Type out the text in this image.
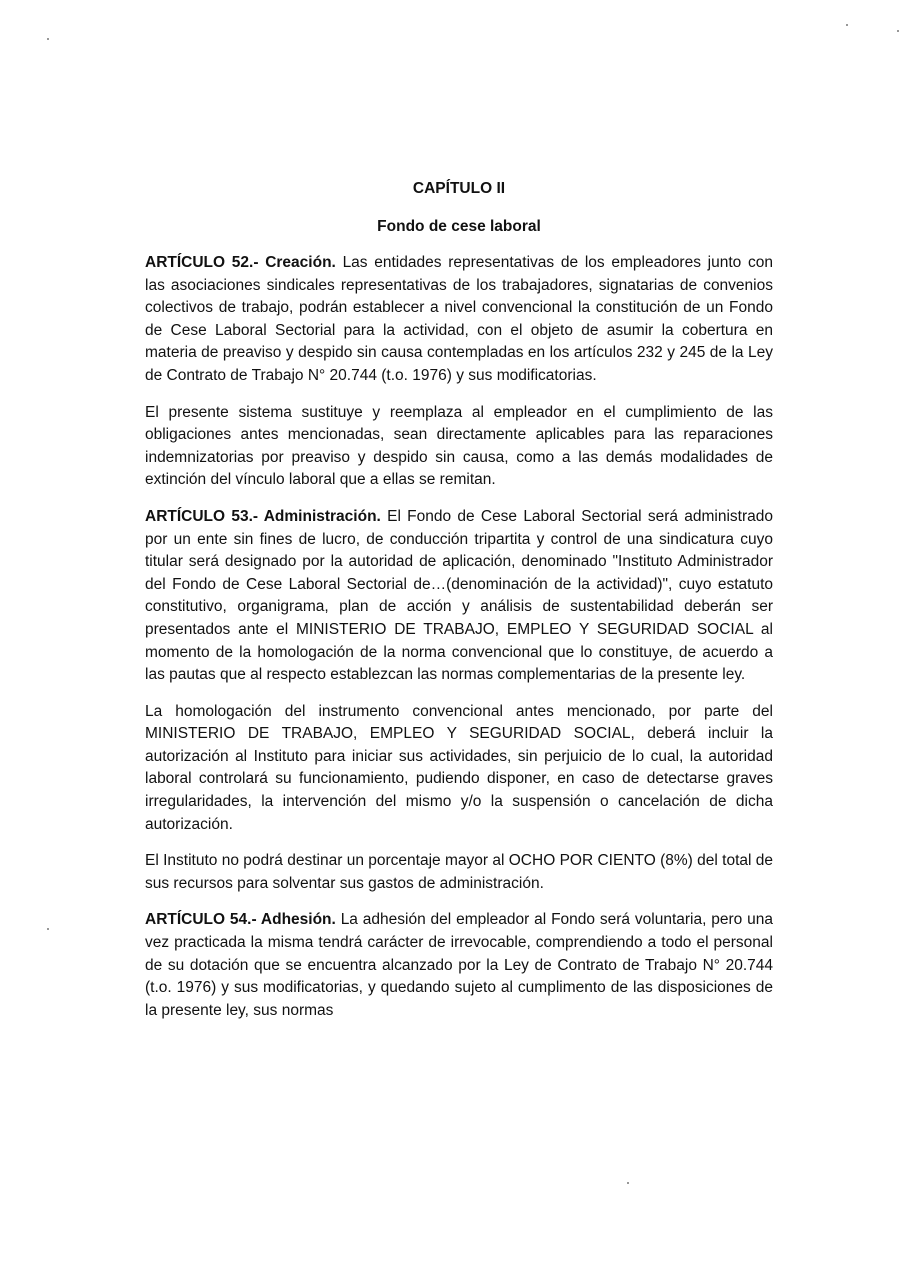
CAPÍTULO II

Fondo de cese laboral

ARTÍCULO 52.- Creación. Las entidades representativas de los empleadores junto con las asociaciones sindicales representativas de los trabajadores, signatarias de convenios colectivos de trabajo, podrán establecer a nivel convencional la constitución de un Fondo de Cese Laboral Sectorial para la actividad, con el objeto de asumir la cobertura en materia de preaviso y despido sin causa contempladas en los artículos 232 y 245 de la Ley de Contrato de Trabajo N° 20.744 (t.o. 1976) y sus modificatorias.

El presente sistema sustituye y reemplaza al empleador en el cumplimiento de las obligaciones antes mencionadas, sean directamente aplicables para las reparaciones indemnizatorias por preaviso y despido sin causa, como a las demás modalidades de extinción del vínculo laboral que a ellas se remitan.

ARTÍCULO 53.- Administración. El Fondo de Cese Laboral Sectorial será administrado por un ente sin fines de lucro, de conducción tripartita y control de una sindicatura cuyo titular será designado por la autoridad de aplicación, denominado "Instituto Administrador del Fondo de Cese Laboral Sectorial de…(denominación de la actividad)", cuyo estatuto constitutivo, organigrama, plan de acción y análisis de sustentabilidad deberán ser presentados ante el MINISTERIO DE TRABAJO, EMPLEO Y SEGURIDAD SOCIAL al momento de la homologación de la norma convencional que lo constituye, de acuerdo a las pautas que al respecto establezcan las normas complementarias de la presente ley.

La homologación del instrumento convencional antes mencionado, por parte del MINISTERIO DE TRABAJO, EMPLEO Y SEGURIDAD SOCIAL, deberá incluir la autorización al Instituto para iniciar sus actividades, sin perjuicio de lo cual, la autoridad laboral controlará su funcionamiento, pudiendo disponer, en caso de detectarse graves irregularidades, la intervención del mismo y/o la suspensión o cancelación de dicha autorización.

El Instituto no podrá destinar un porcentaje mayor al OCHO POR CIENTO (8%) del total de sus recursos para solventar sus gastos de administración.

ARTÍCULO 54.- Adhesión. La adhesión del empleador al Fondo será voluntaria, pero una vez practicada la misma tendrá carácter de irrevocable, comprendiendo a todo el personal de su dotación que se encuentra alcanzado por la Ley de Contrato de Trabajo N° 20.744 (t.o. 1976) y sus modificatorias, y quedando sujeto al cumplimento de las disposiciones de la presente ley, sus normas
